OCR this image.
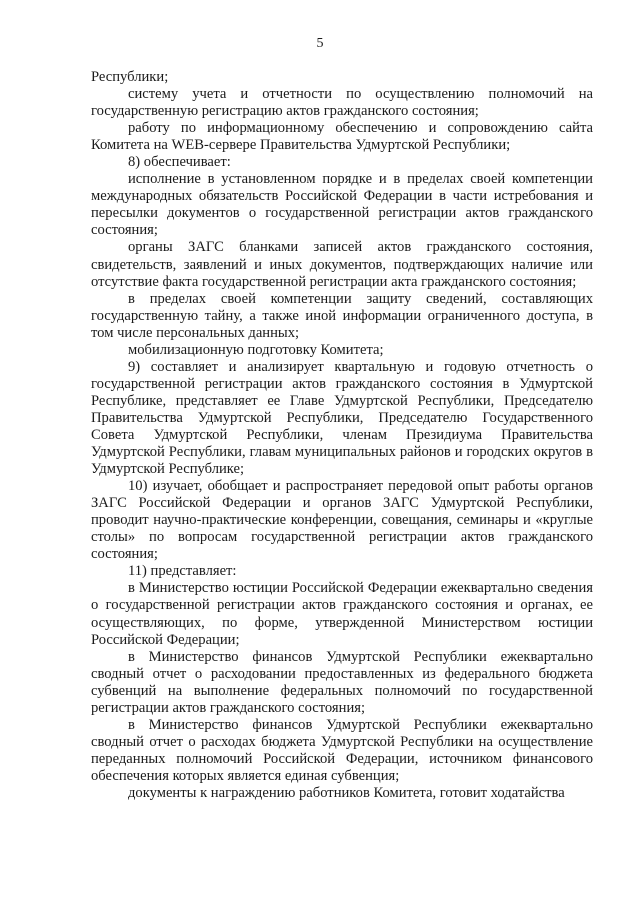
5

Республики;

систему учета и отчетности по осуществлению полномочий на государственную регистрацию актов гражданского состояния;

работу по информационному обеспечению и сопровождению сайта Комитета на WEB-сервере Правительства Удмуртской Республики;

8) обеспечивает:

исполнение в установленном порядке и в пределах своей компетенции международных обязательств Российской Федерации в части истребования и пересылки документов о государственной регистрации актов гражданского состояния;

органы ЗАГС бланками записей актов гражданского состояния, свидетельств, заявлений и иных документов, подтверждающих наличие или отсутствие факта государственной регистрации акта гражданского состояния;

в пределах своей компетенции защиту сведений, составляющих государственную тайну, а также иной информации ограниченного доступа, в том числе персональных данных;

мобилизационную подготовку Комитета;

9) составляет и анализирует квартальную и годовую отчетность о государственной регистрации актов гражданского состояния в Удмуртской Республике, представляет ее Главе Удмуртской Республики, Председателю Правительства Удмуртской Республики, Председателю Государственного Совета Удмуртской Республики, членам Президиума Правительства Удмуртской Республики, главам муниципальных районов и городских округов в Удмуртской Республике;

10) изучает, обобщает и распространяет передовой опыт работы органов ЗАГС Российской Федерации и органов ЗАГС Удмуртской Республики, проводит научно-практические конференции, совещания, семинары и «круглые столы» по вопросам государственной регистрации актов гражданского состояния;

11) представляет:

в Министерство юстиции Российской Федерации ежеквартально сведения о государственной регистрации актов гражданского состояния и органах, ее осуществляющих, по форме, утвержденной Министерством юстиции Российской Федерации;

в Министерство финансов Удмуртской Республики ежеквартально сводный отчет о расходовании предоставленных из федерального бюджета субвенций на выполнение федеральных полномочий по государственной регистрации актов гражданского состояния;

в Министерство финансов Удмуртской Республики ежеквартально сводный отчет о расходах бюджета Удмуртской Республики на осуществление переданных полномочий Российской Федерации, источником финансового обеспечения которых является единая субвенция;

документы к награждению работников Комитета, готовит ходатайства
